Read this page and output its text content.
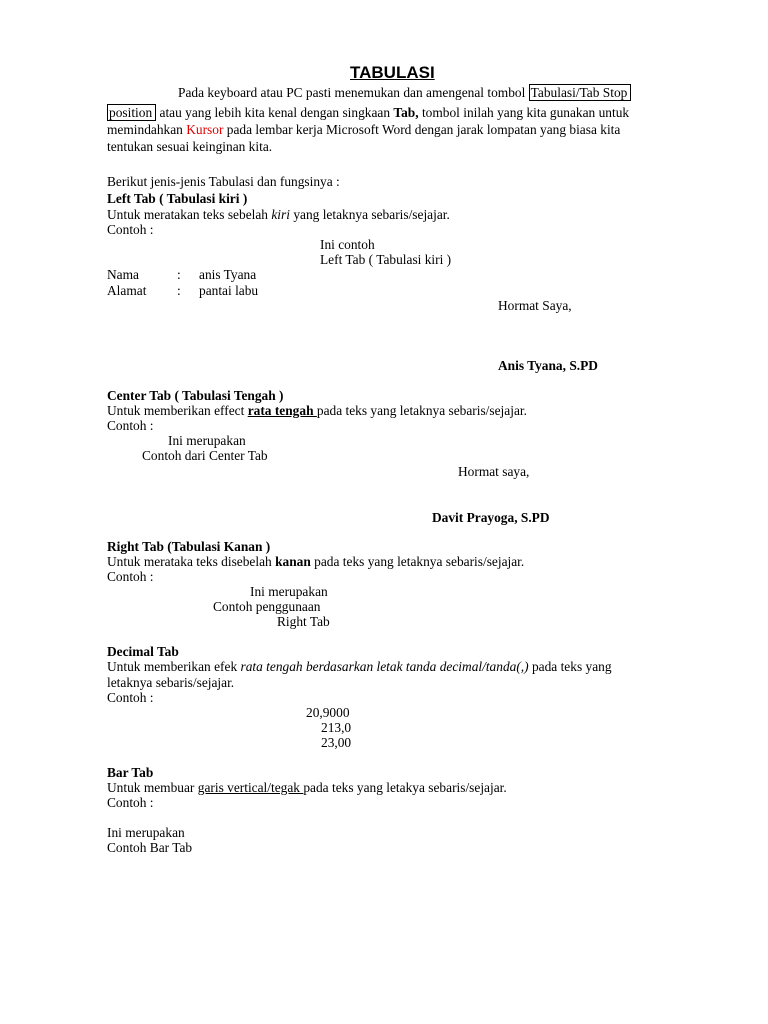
TABULASI
Pada keyboard atau PC pasti menemukan dan amengenal tombol Tabulasi/Tab Stop
position atau yang lebih kita kenal dengan singkaan Tab, tombol inilah yang kita gunakan untuk
memindahkan Kursor pada lembar kerja Microsoft Word dengan jarak lompatan yang biasa kita
tentukan sesuai keinginan kita.
Berikut jenis-jenis Tabulasi dan fungsinya :
Left Tab ( Tabulasi kiri )
Untuk meratakan teks sebelah kiri yang letaknya sebaris/sejajar.
Contoh :
Ini contoh
Left Tab ( Tabulasi kiri )
Nama	: anis Tyana
Alamat : pantai labu
Hormat Saya,
Anis Tyana, S.PD
Center Tab ( Tabulasi Tengah )
Untuk memberikan effect rata tengah pada teks yang letaknya sebaris/sejajar.
Contoh :
Ini merupakan
Contoh dari Center Tab
Hormat saya,
Davit Prayoga, S.PD
Right Tab (Tabulasi Kanan )
Untuk merataka teks disebelah kanan pada teks yang letaknya sebaris/sejajar.
Contoh :
Ini merupakan
Contoh penggunaan
Right Tab
Decimal Tab
Untuk memberikan efek rata tengah berdasarkan letak tanda decimal/tanda(,) pada teks yang
letaknya sebaris/sejajar.
Contoh :
20,9000
213,0
23,00
Bar Tab
Untuk membuar garis vertical/tegak pada teks yang letakya sebaris/sejajar.
Contoh :
Ini merupakan
Contoh Bar Tab
